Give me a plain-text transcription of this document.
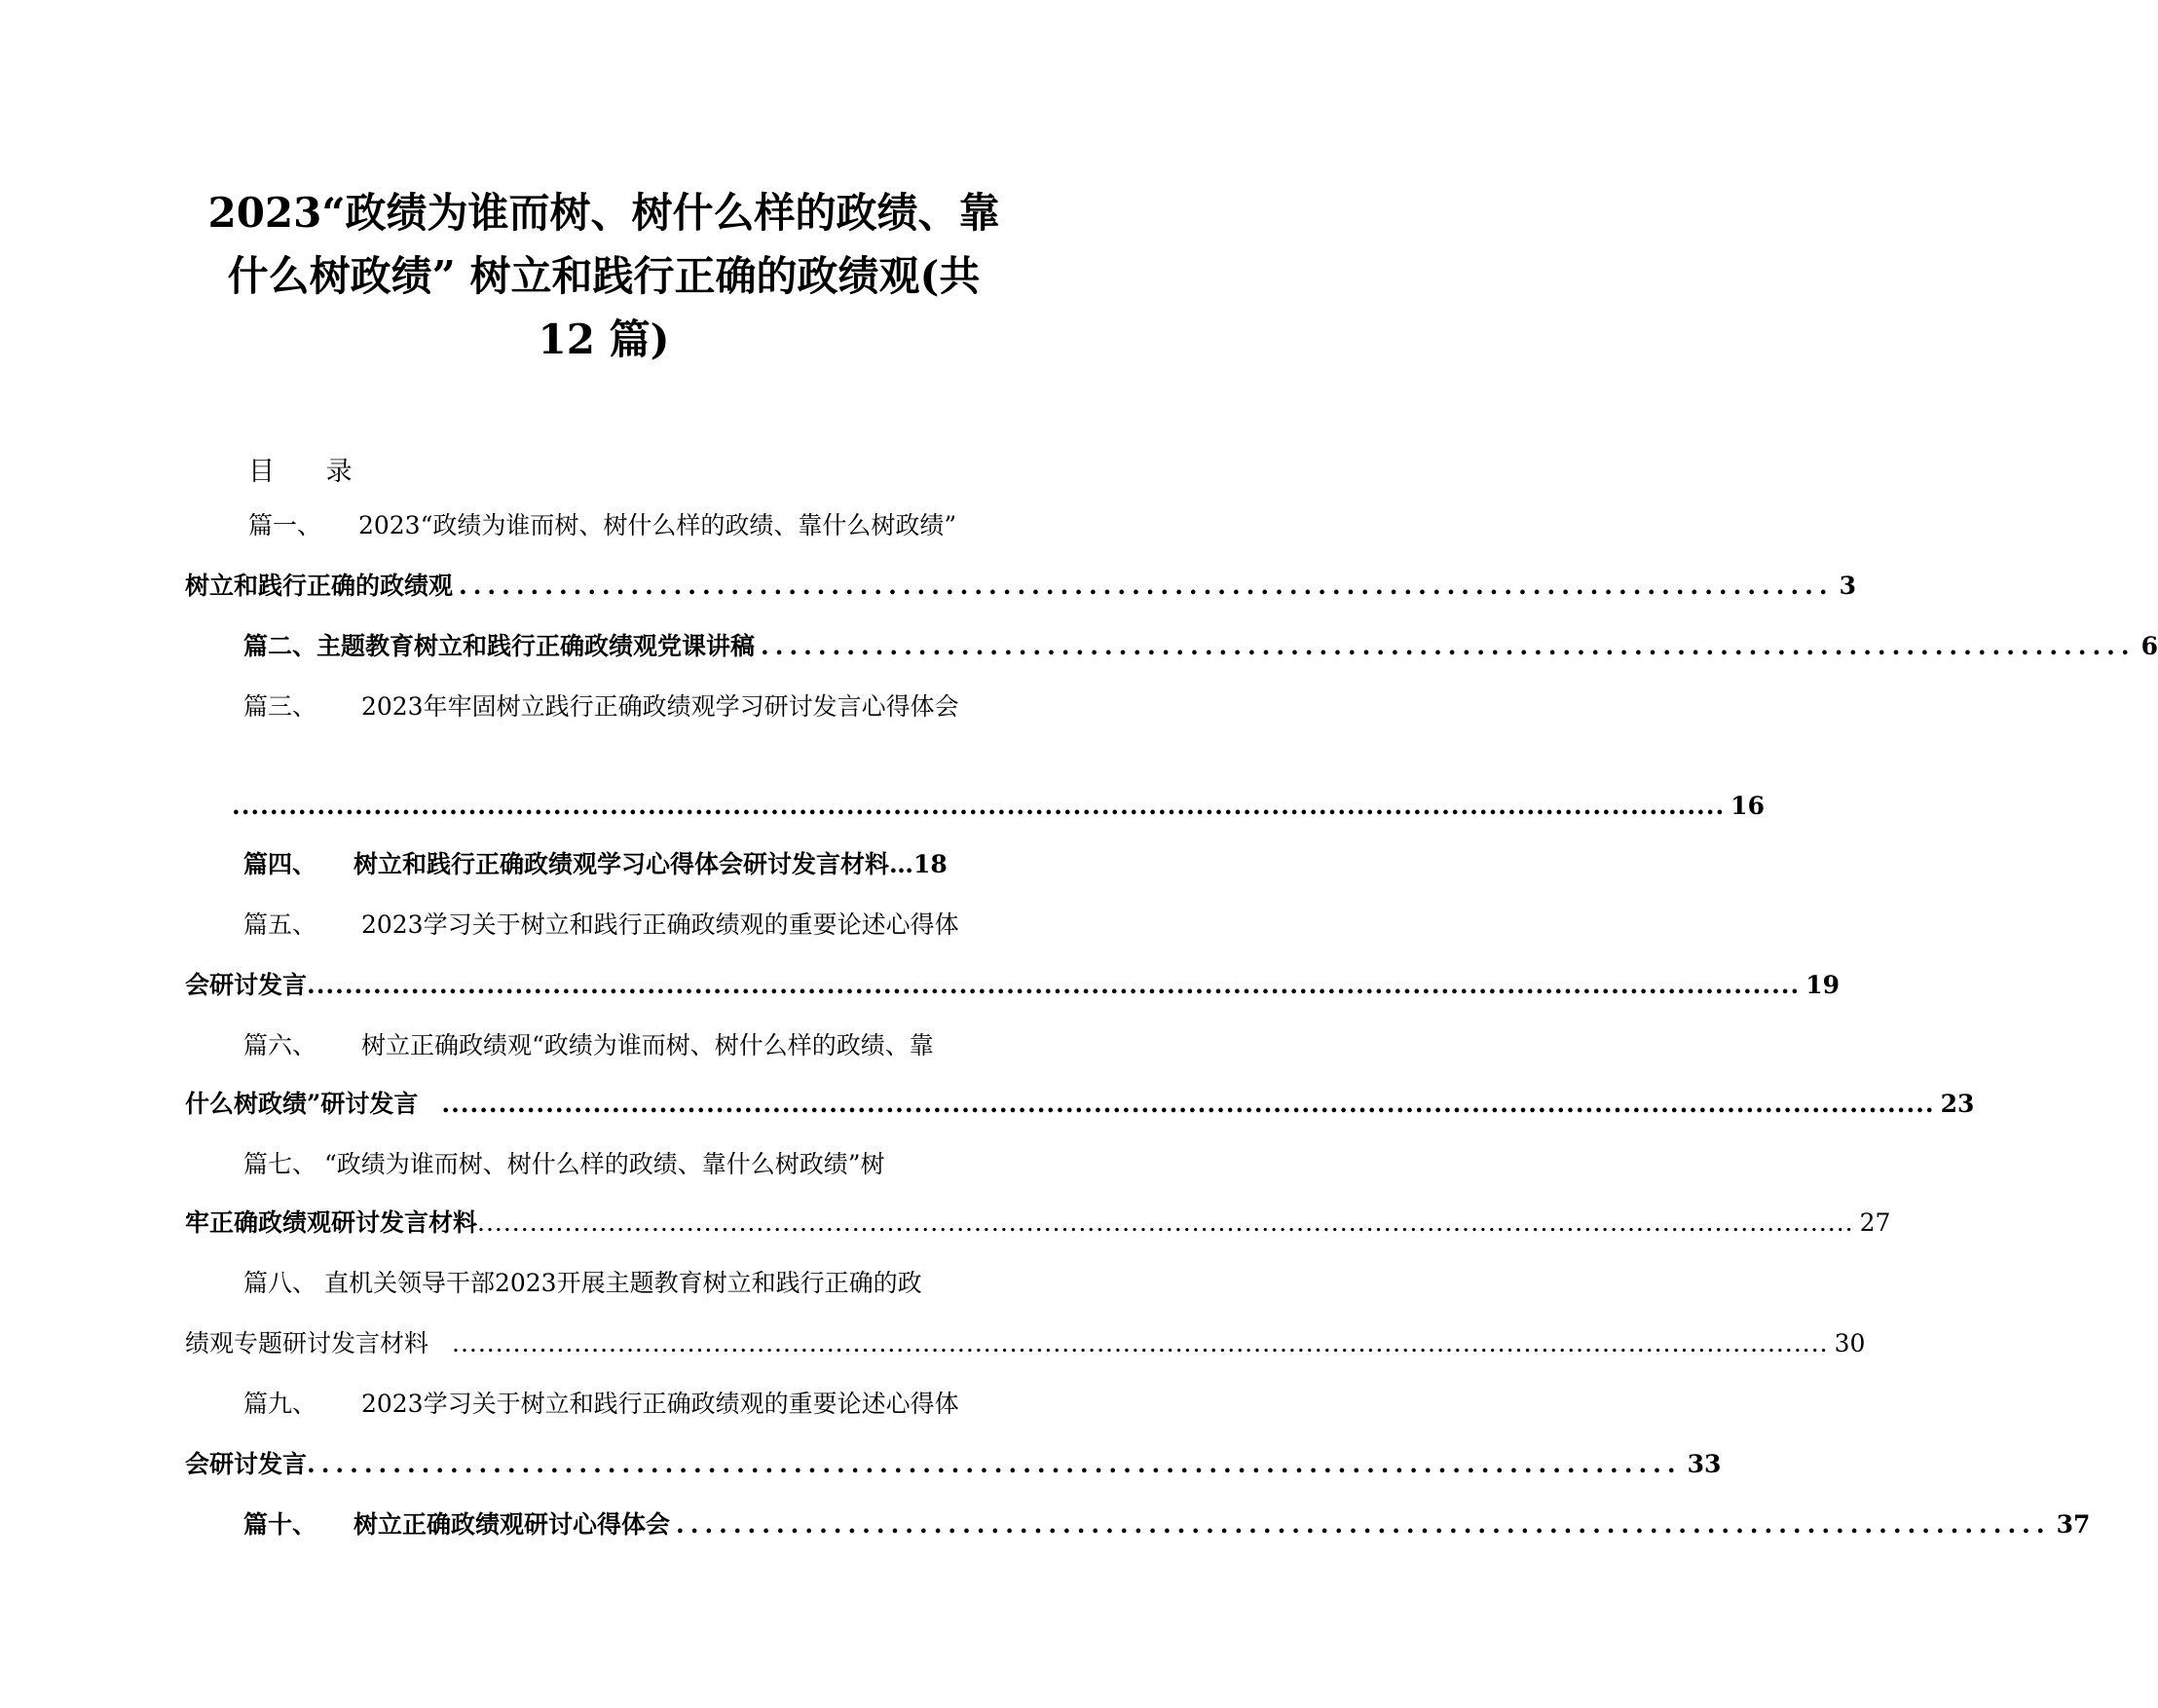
2023“政绩为谁而树、树什么样的政绩、靠
什么树政绩” 树立和践行正确的政绩观(共
12 篇)
目 录
篇一、 2023“政绩为谁而树、树什么样的政绩、靠什么树政绩”
树立和践行正确的政绩观 ................................................................................................ 3
篇二、 主题教育树立和践行正确政绩观党课讲稿 ................................................................................................ 6
篇三、 2023年牢固树立践行正确政绩观学习研讨发言心得体会
.............................................................................................................................................................. 16
篇四、 树立和践行正确政绩观学习心得体会研讨发言材料… 18
篇五、 2023学习关于树立和践行正确政绩观的重要论述心得体
会研讨发言 .............................................................................................................................................................. 19
篇六、 树立正确政绩观“政绩为谁而树、树什么样的政绩、靠
什么树政绩”研讨发言 .............................................................................................................................................................. 23
篇七、 “政绩为谁而树、树什么样的政绩、靠什么树政绩”树
牢正确政绩观研讨发言材料 .............................................................................................................................................................. 27
篇八、 直机关领导干部2023开展主题教育树立和践行正确的政
绩观专题研讨发言材料 .............................................................................................................................................................. 30
篇九、 2023学习关于树立和践行正确政绩观的重要论述心得体
会研讨发言 ................................................................................................ 33
篇十、 树立正确政绩观研讨心得体会 ................................................................................................ 37
